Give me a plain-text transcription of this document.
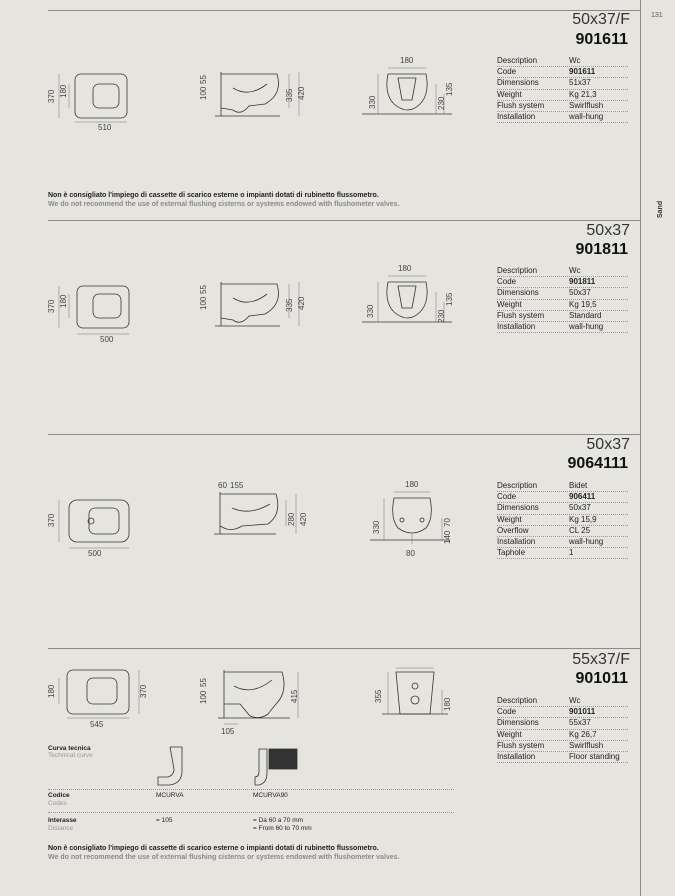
131
Sand
50x37/F
901611
Description	Wc
Code	901611
Dimensions	51x37
Weight	Kg 21,3
Flush system	Swirlflush
Installation	wall-hung
370 180
510
100
55
335 420
180
330	230
135
Non è consigliato l'impiego di cassette di scarico esterne o impianti dotati di rubinetto flussometro.
We do not recommend the use of external flushing cisterns or systems endowed with flushometer valves.
50x37
901811
Description	Wc
Code	901811
Dimensions	50x37
Weight	Kg 19,5
Flush system	Standard
Installation	wall-hung
370 180
500
100
55
335 420
180
330	230
135
50x37
9064111
Description	Bidet
Code	906411
Dimensions	50x37
Weight	Kg 15,9
Overflow	CL 25
Installation	wall-hung
Taphole	1
370
500
60 155
280 420
180
330
140
70
80
55x37/F
901011
Description	Wc
Code	901011
Dimensions	55x37
Weight	Kg 26,7
Flush system	Swirlflush
Installation	Floor standing
180	370
545
100
55
415
105
355
180
Curva tecnica
Technical curve
Codice
Codes
MCURVA	MCURVA90
Interasse
Distance
= 105	= Da 60 a 70 mm
= From 60 to 70 mm
Non è consigliato l'impiego di cassette di scarico esterne o impianti dotati di rubinetto flussometro.
We do not recommend the use of external flushing cisterns or systems endowed with flushometer valves.
